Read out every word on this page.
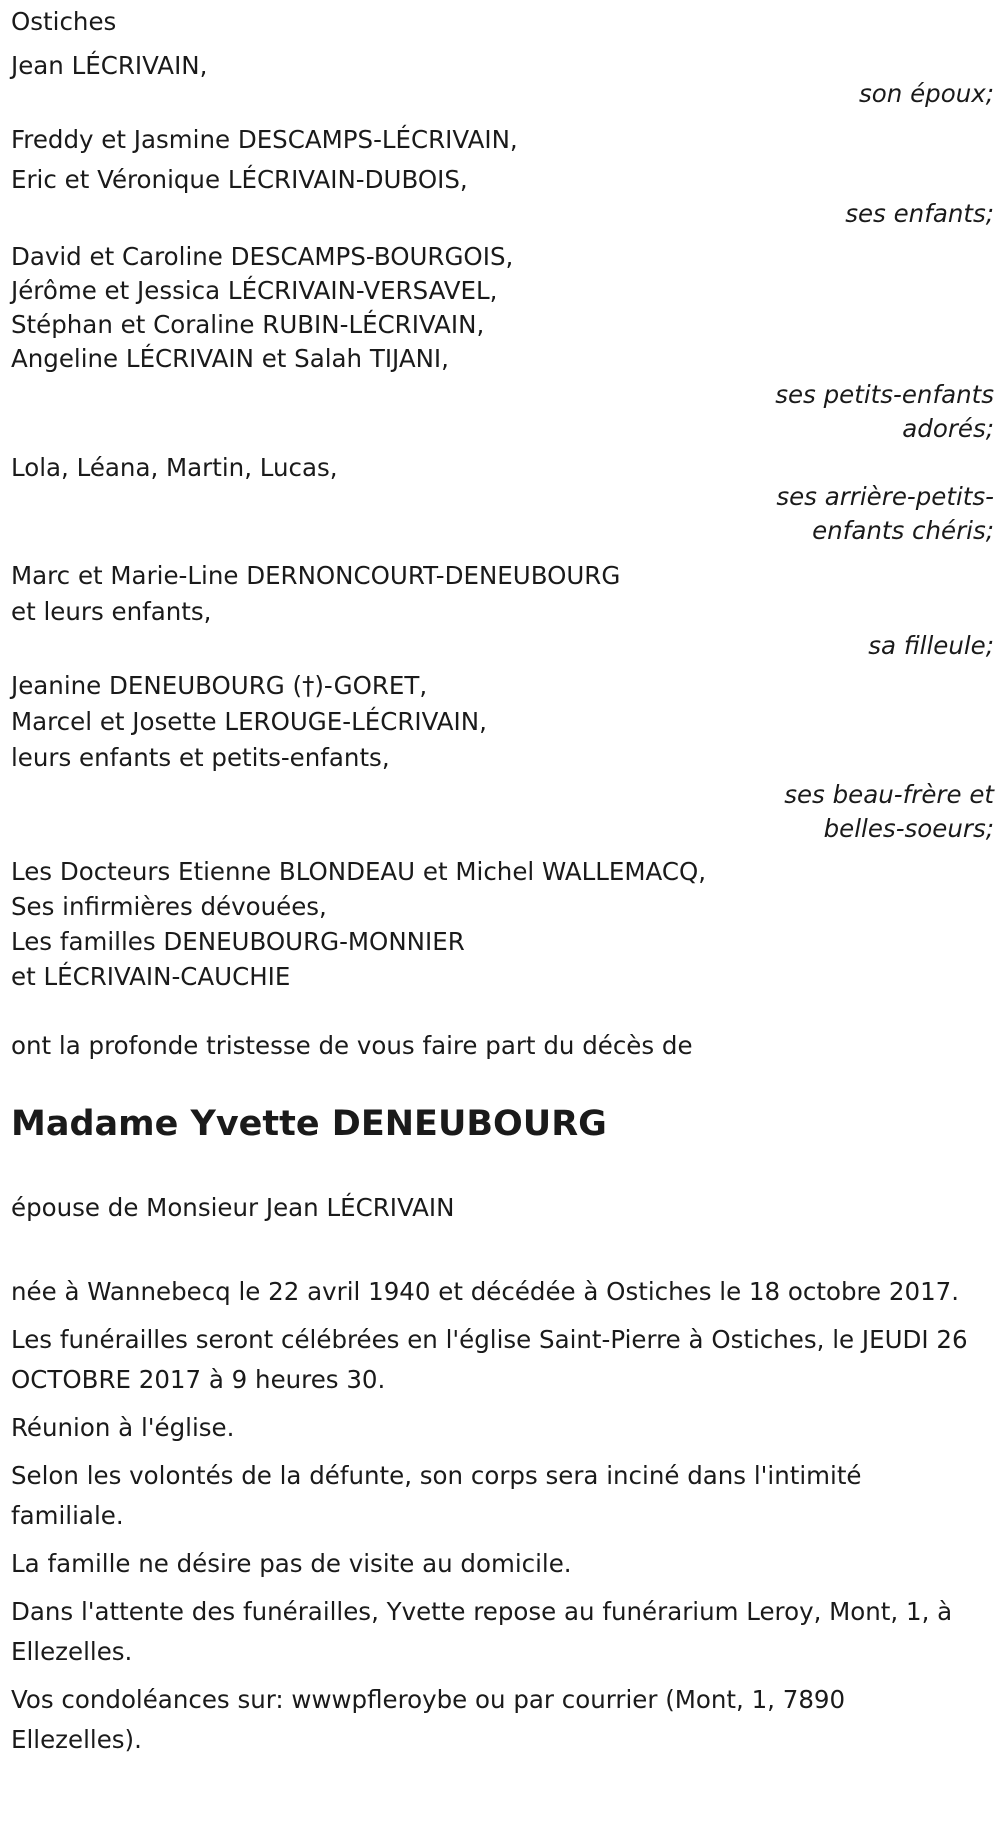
Ostiches
Jean LÉCRIVAIN,
son époux;
Freddy et Jasmine DESCAMPS-LÉCRIVAIN,
Eric et Véronique LÉCRIVAIN-DUBOIS,
ses enfants;
David et Caroline DESCAMPS-BOURGOIS,
Jérôme et Jessica LÉCRIVAIN-VERSAVEL,
Stéphan et Coraline RUBIN-LÉCRIVAIN,
Angeline LÉCRIVAIN et Salah TIJANI,
ses petits-enfants
adorés;
Lola, Léana, Martin, Lucas,
ses arrière-petits-
enfants chéris;
Marc et Marie-Line DERNONCOURT-DENEUBOURG
et leurs enfants,
sa filleule;
Jeanine DENEUBOURG (†)-GORET,
Marcel et Josette LEROUGE-LÉCRIVAIN,
leurs enfants et petits-enfants,
ses beau-frère et
belles-soeurs;
Les Docteurs Etienne BLONDEAU et Michel WALLEMACQ,
Ses infirmières dévouées,
Les familles DENEUBOURG-MONNIER
et LÉCRIVAIN-CAUCHIE
ont la profonde tristesse de vous faire part du décès de
Madame Yvette DENEUBOURG
épouse de Monsieur Jean LÉCRIVAIN
née à Wannebecq le 22 avril 1940 et décédée à Ostiches le 18 octobre 2017.
Les funérailles seront célébrées en l'église Saint-Pierre à Ostiches, le JEUDI 26 OCTOBRE 2017 à 9 heures 30.
Réunion à l'église.
Selon les volontés de la défunte, son corps sera inciné dans l'intimité familiale.
La famille ne désire pas de visite au domicile.
Dans l'attente des funérailles, Yvette repose au funérarium Leroy, Mont, 1, à Ellezelles.
Vos condoléances sur: wwwpfleroybe ou par courrier (Mont, 1, 7890 Ellezelles).
